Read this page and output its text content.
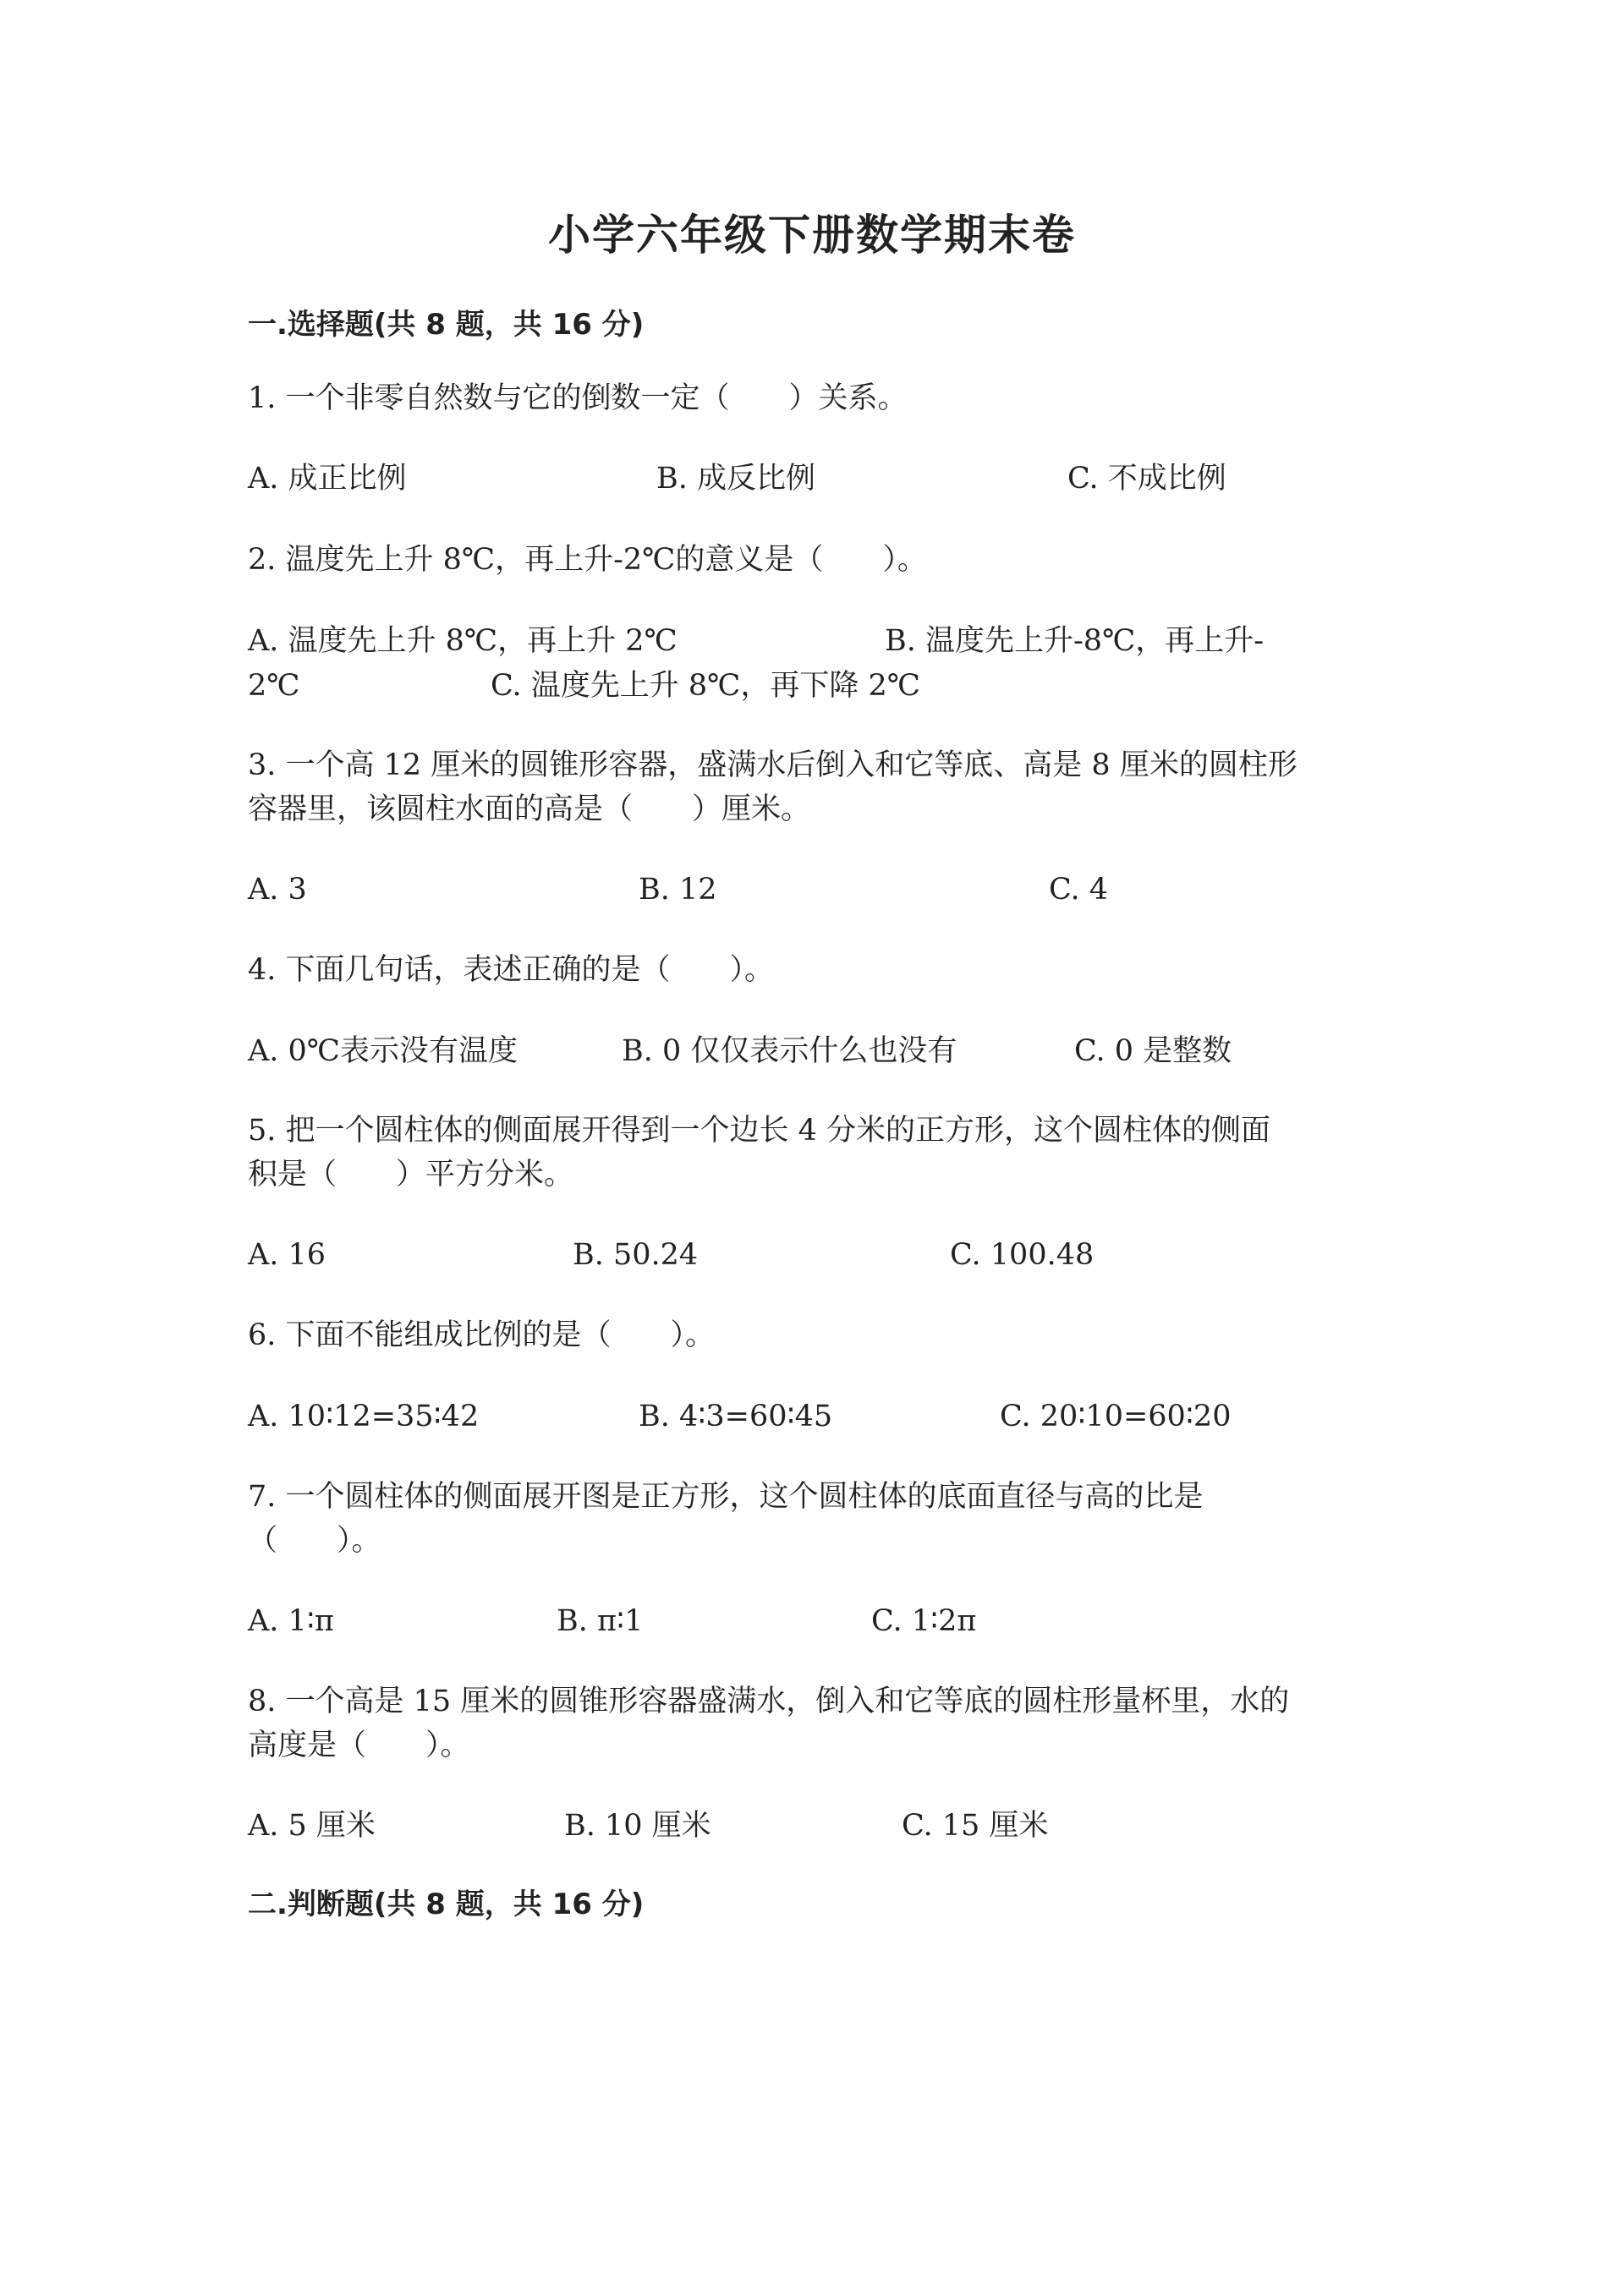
小学六年级下册数学期末卷
一.选择题(共 8 题，共 16 分)
1. 一个非零自然数与它的倒数一定（　　）关系。
A. 成正比例	B. 成反比例	C. 不成比例
2. 温度先上升 8℃，再上升-2℃的意义是（　　）。
A. 温度先上升 8℃，再上升 2℃	B. 温度先上升-8℃，再上升-
2℃	C. 温度先上升 8℃，再下降 2℃
3. 一个高 12 厘米的圆锥形容器，盛满水后倒入和它等底、高是 8 厘米的圆柱形
容器里，该圆柱水面的高是（　　）厘米。
A. 3	B. 12	C. 4
4. 下面几句话，表述正确的是（　　）。
A. 0℃表示没有温度	B. 0 仅仅表示什么也没有	C. 0 是整数
5. 把一个圆柱体的侧面展开得到一个边长 4 分米的正方形，这个圆柱体的侧面
积是（　　）平方分米。
A. 16	B. 50.24	C. 100.48
6. 下面不能组成比例的是（　　）。
A. 10∶12=35∶42	B. 4∶3=60∶45	C. 20∶10=60∶20
7. 一个圆柱体的侧面展开图是正方形，这个圆柱体的底面直径与高的比是
（　　）。
A. 1∶π	B. π∶1	C. 1∶2π
8. 一个高是 15 厘米的圆锥形容器盛满水，倒入和它等底的圆柱形量杯里，水的
高度是（　　）。
A. 5 厘米	B. 10 厘米	C. 15 厘米
二.判断题(共 8 题，共 16 分)
